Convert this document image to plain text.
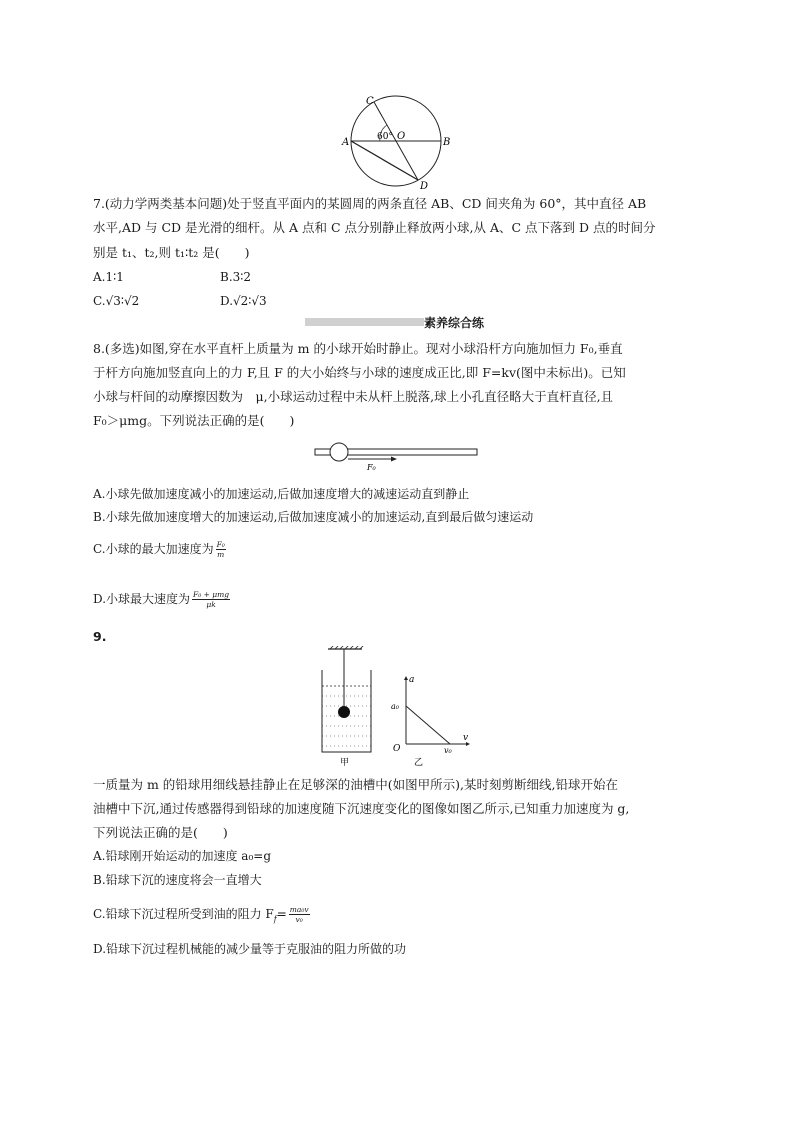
C
A	B
D
O
60°
7.(动力学两类基本问题)处于竖直平面内的某圆周的两条直径 AB、CD 间夹角为 60°，其中直径 AB
水平,AD 与 CD 是光滑的细杆。从 A 点和 C 点分别静止释放两小球,从 A、C 点下落到 D 点的时间分
别是 t₁、t₂,则 t₁∶t₂ 是(　　)
A.1∶1	B.3∶2
C.√3∶√2	D.√2∶√3
素养综合练
8.(多选)如图,穿在水平直杆上质量为 m 的小球开始时静止。现对小球沿杆方向施加恒力 F₀,垂直
于杆方向施加竖直向上的力 F,且 F 的大小始终与小球的速度成正比,即 F=kv(图中未标出)。已知
小球与杆间的动摩擦因数为　μ,小球运动过程中未从杆上脱落,球上小孔直径略大于直杆直径,且
F₀＞μmg。下列说法正确的是(　　)
F₀
A.小球先做加速度减小的加速运动,后做加速度增大的减速运动直到静止
B.小球先做加速度增大的加速运动,后做加速度减小的加速运动,直到最后做匀速运动
C.小球的最大加速度为 $\frac{\text{F₀}}{m}$
D.小球最大速度为 $\frac{\text{F₀ + μmg}}{\mu k}$
9.
甲
a
v
O
a₀
v₀
乙
一质量为 m 的铅球用细线悬挂静止在足够深的油槽中(如图甲所示),某时刻剪断细线,铅球开始在
油槽中下沉,通过传感器得到铅球的加速度随下沉速度变化的图像如图乙所示,已知重力加速度为 g,
下列说法正确的是(　　)
A.铅球刚开始运动的加速度 a₀=g
B.铅球下沉的速度将会一直增大
C.铅球下沉过程所受到油的阻力 $F_f= \frac{\text{ma₀v}}{\text{v₀}}$
D.铅球下沉过程机械能的减少量等于克服油的阻力所做的功
